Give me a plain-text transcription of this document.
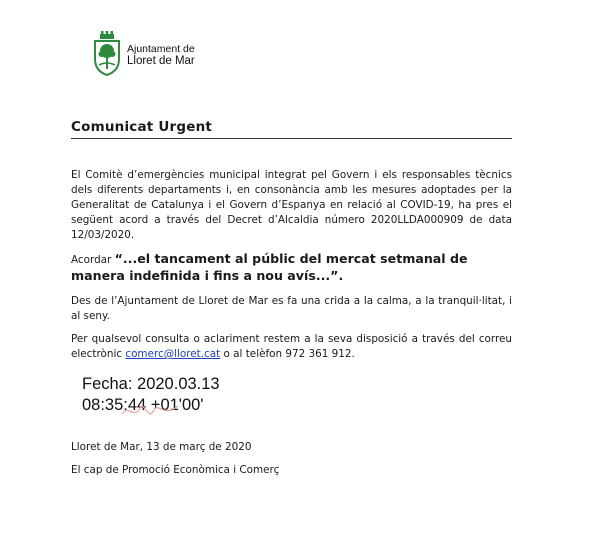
Ajuntament de
Lloret de Mar
Comunicat Urgent

El Comitè d’emergències municipal integrat pel Govern i els responsables tècnics dels diferents departaments i, en consonància amb les mesures adoptades per la Generalitat de Catalunya i el Govern d’Espanya en relació al COVID-19, ha pres el següent acord a través del Decret d’Alcaldia número 2020LLDA000909 de data 12/03/2020.

Acordar “...el tancament al públic del mercat setmanal de manera indefinida i fins a nou avís...”.

Des de l’Ajuntament de Lloret de Mar es fa una crida a la calma, a la tranquil·litat, i al seny.

Per qualsevol consulta o aclariment restem a la seva disposició a través del correu electrònic comerc@lloret.cat o al telèfon 972 361 912.

Fecha: 2020.03.13
08:35:44 +01'00'
Lloret de Mar, 13 de març de 2020
El cap de Promoció Econòmica i Comerç
